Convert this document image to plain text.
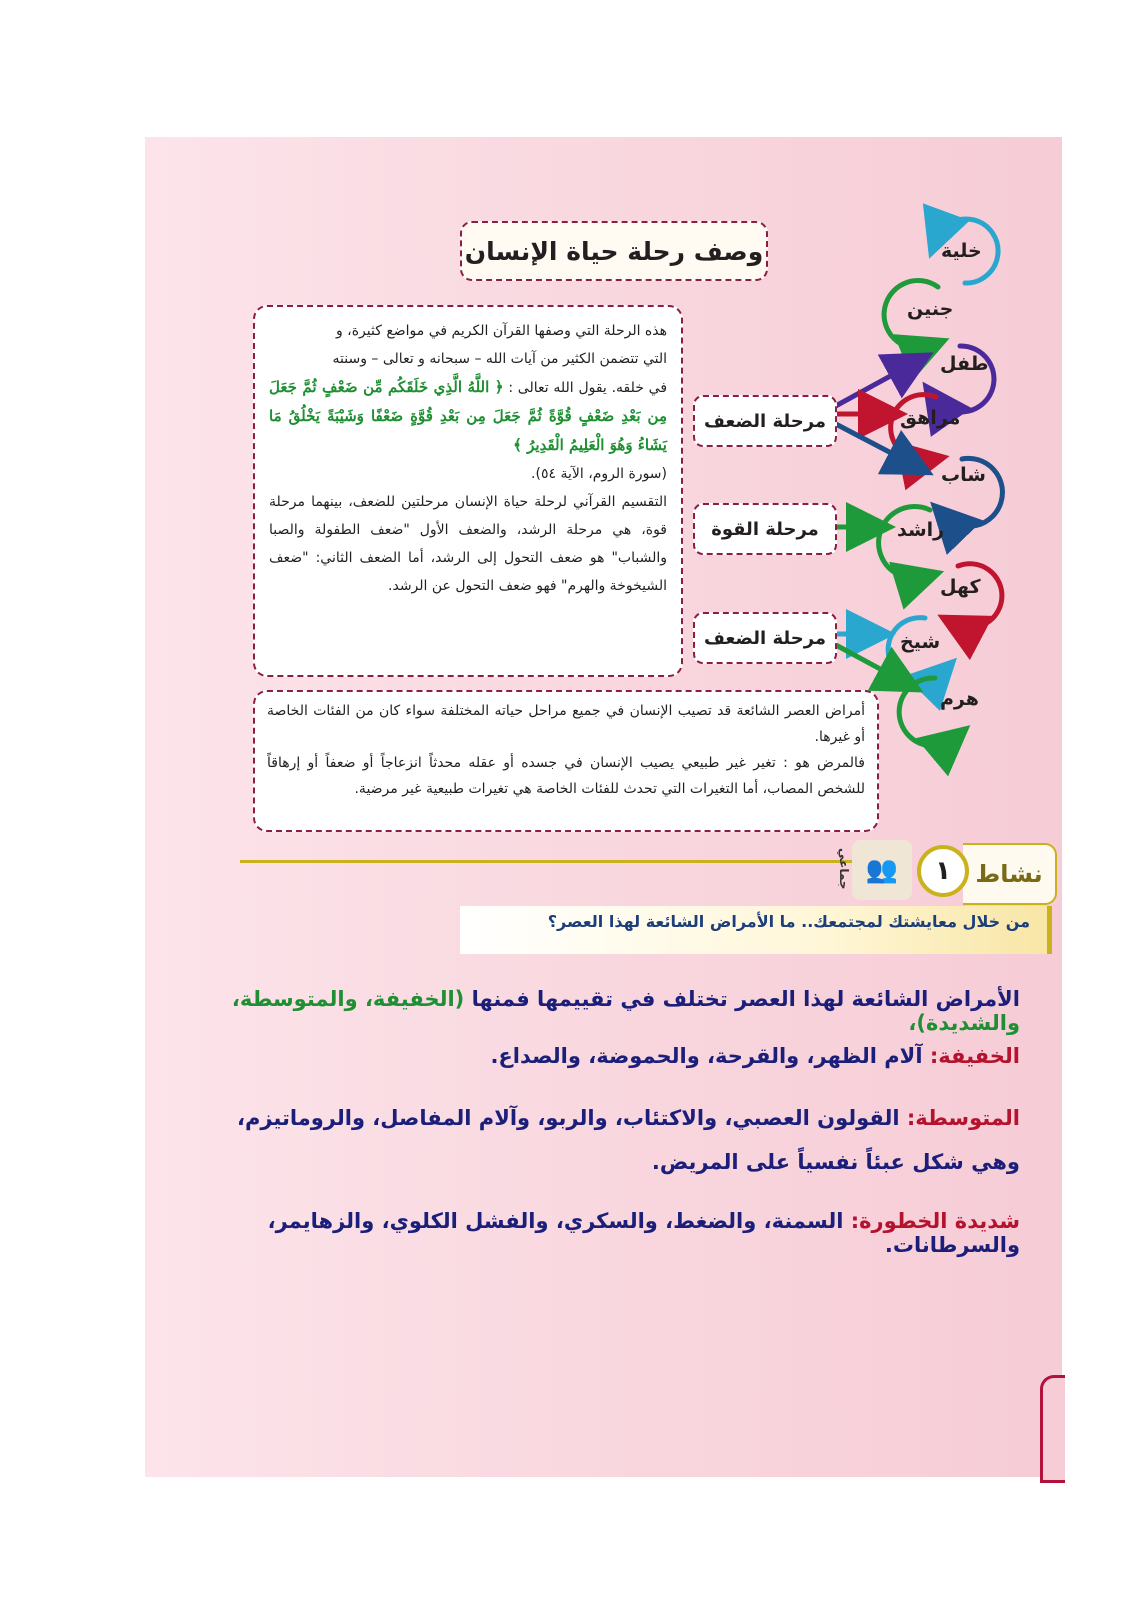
وصف رحلة حياة الإنسان
هذه الرحلة التي وصفها القرآن الكريم في مواضع كثيرة، و
التي تتضمن الكثير من آيات الله – سبحانه و تعالى – وسنته
في خلقه. يقول الله تعالى : ﴿ اللَّهُ الَّذِي خَلَقَكُم مِّن ضَعْفٍ ثُمَّ جَعَلَ مِن بَعْدِ ضَعْفٍ قُوَّةً ثُمَّ جَعَلَ مِن بَعْدِ قُوَّةٍ ضَعْفًا وَشَيْبَةً يَخْلُقُ مَا يَشَاءُ وَهُوَ الْعَلِيمُ الْقَدِيرُ ﴾
(سورة الروم، الآية ٥٤).
التقسيم القرآني لرحلة حياة الإنسان مرحلتين للضعف، بينهما مرحلة قوة، هي مرحلة الرشد، والضعف الأول "ضعف الطفولة والصبا والشباب" هو ضعف التحول إلى الرشد، أما الضعف الثاني: "ضعف الشيخوخة والهرم" فهو ضعف التحول عن الرشد.
أمراض العصر الشائعة قد تصيب الإنسان في جميع مراحل حياته المختلفة سواء كان من الفئات الخاصة أو غيرها.
فالمرض هو : تغير غير طبيعي يصيب الإنسان في جسده أو عقله محدثاً انزعاجاً أو ضعفاً أو إرهاقاً للشخص المصاب، أما التغيرات التي تحدث للفئات الخاصة هي تغيرات طبيعية غير مرضية.
مرحلة الضعف
مرحلة القوة
مرحلة الضعف
خلية
جنين
طفل
مراهق
شاب
راشد
كهل
شيخ
هرم
نشاط
١
👥
جماعي
من خلال معايشتك لمجتمعك.. ما الأمراض الشائعة لهذا العصر؟
الأمراض الشائعة لهذا العصر تختلف في تقييمها فمنها (الخفيفة، والمتوسطة، والشديدة)،
الخفيفة: آلام الظهر، والقرحة، والحموضة، والصداع.
المتوسطة: القولون العصبي، والاكتئاب، والربو، وآلام المفاصل، والروماتيزم، وهي شكل عبئاً نفسياً على المريض.
شديدة الخطورة: السمنة، والضغط، والسكري، والفشل الكلوي، والزهايمر، والسرطانات.
